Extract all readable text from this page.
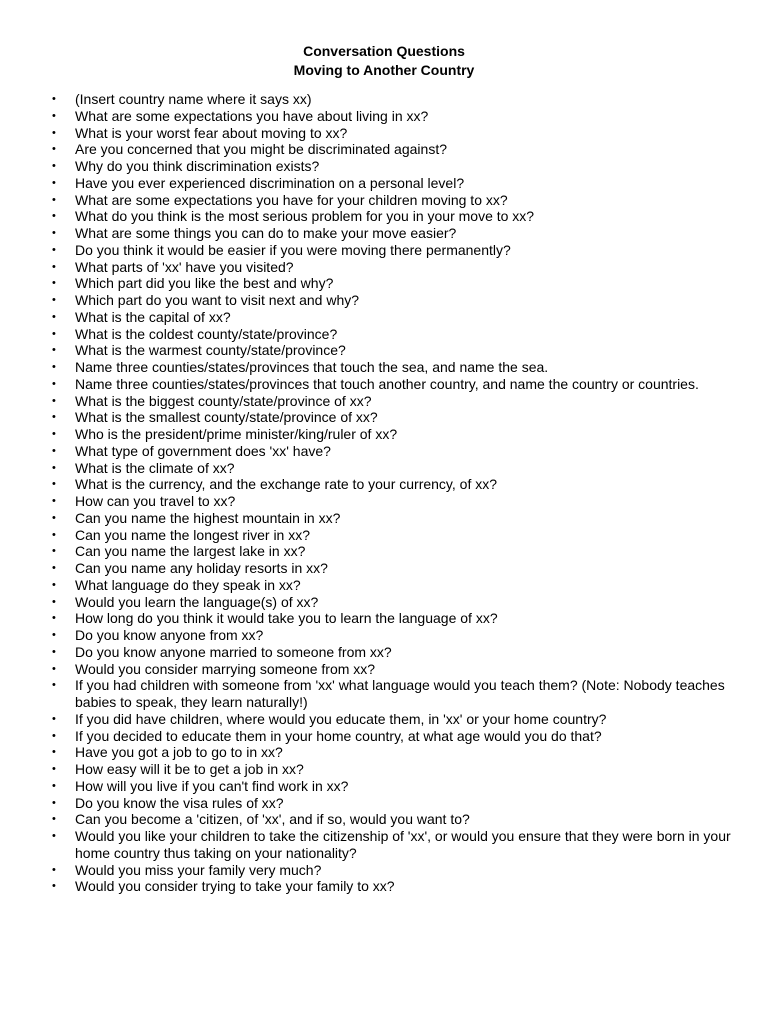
Conversation Questions
Moving to Another Country
•	(Insert country name where it says xx)
•	What are some expectations you have about living in xx?
•	What is your worst fear about moving to xx?
•	Are you concerned that you might be discriminated against?
•	Why do you think discrimination exists?
•	Have you ever experienced discrimination on a personal level?
•	What are some expectations you have for your children moving to xx?
•	What do you think is the most serious problem for you in your move to xx?
•	What are some things you can do to make your move easier?
•	Do you think it would be easier if you were moving there permanently?
•	What parts of 'xx' have you visited?
•	Which part did you like the best and why?
•	Which part do you want to visit next and why?
•	What is the capital of xx?
•	What is the coldest county/state/province?
•	What is the warmest county/state/province?
•	Name three counties/states/provinces that touch the sea, and name the sea.
•	Name three counties/states/provinces that touch another country, and name the country or countries.
•	What is the biggest county/state/province of xx?
•	What is the smallest county/state/province of xx?
•	Who is the president/prime minister/king/ruler of xx?
•	What type of government does 'xx' have?
•	What is the climate of xx?
•	What is the currency, and the exchange rate to your currency, of xx?
•	How can you travel to xx?
•	Can you name the highest mountain in xx?
•	Can you name the longest river in xx?
•	Can you name the largest lake in xx?
•	Can you name any holiday resorts in xx?
•	What language do they speak in xx?
•	Would you learn the language(s) of xx?
•	How long do you think it would take you to learn the language of xx?
•	Do you know anyone from xx?
•	Do you know anyone married to someone from xx?
•	Would you consider marrying someone from xx?
•	If you had children with someone from 'xx' what language would you teach them? (Note: Nobody teaches babies to speak, they learn naturally!)
•	If you did have children, where would you educate them, in 'xx' or your home country?
•	If you decided to educate them in your home country, at what age would you do that?
•	Have you got a job to go to in xx?
•	How easy will it be to get a job in xx?
•	How will you live if you can't find work in xx?
•	Do you know the visa rules of xx?
•	Can you become a 'citizen, of 'xx', and if so, would you want to?
•	Would you like your children to take the citizenship of 'xx', or would you ensure that they were born in your home country thus taking on your nationality?
•	Would you miss your family very much?
•	Would you consider trying to take your family to xx?
